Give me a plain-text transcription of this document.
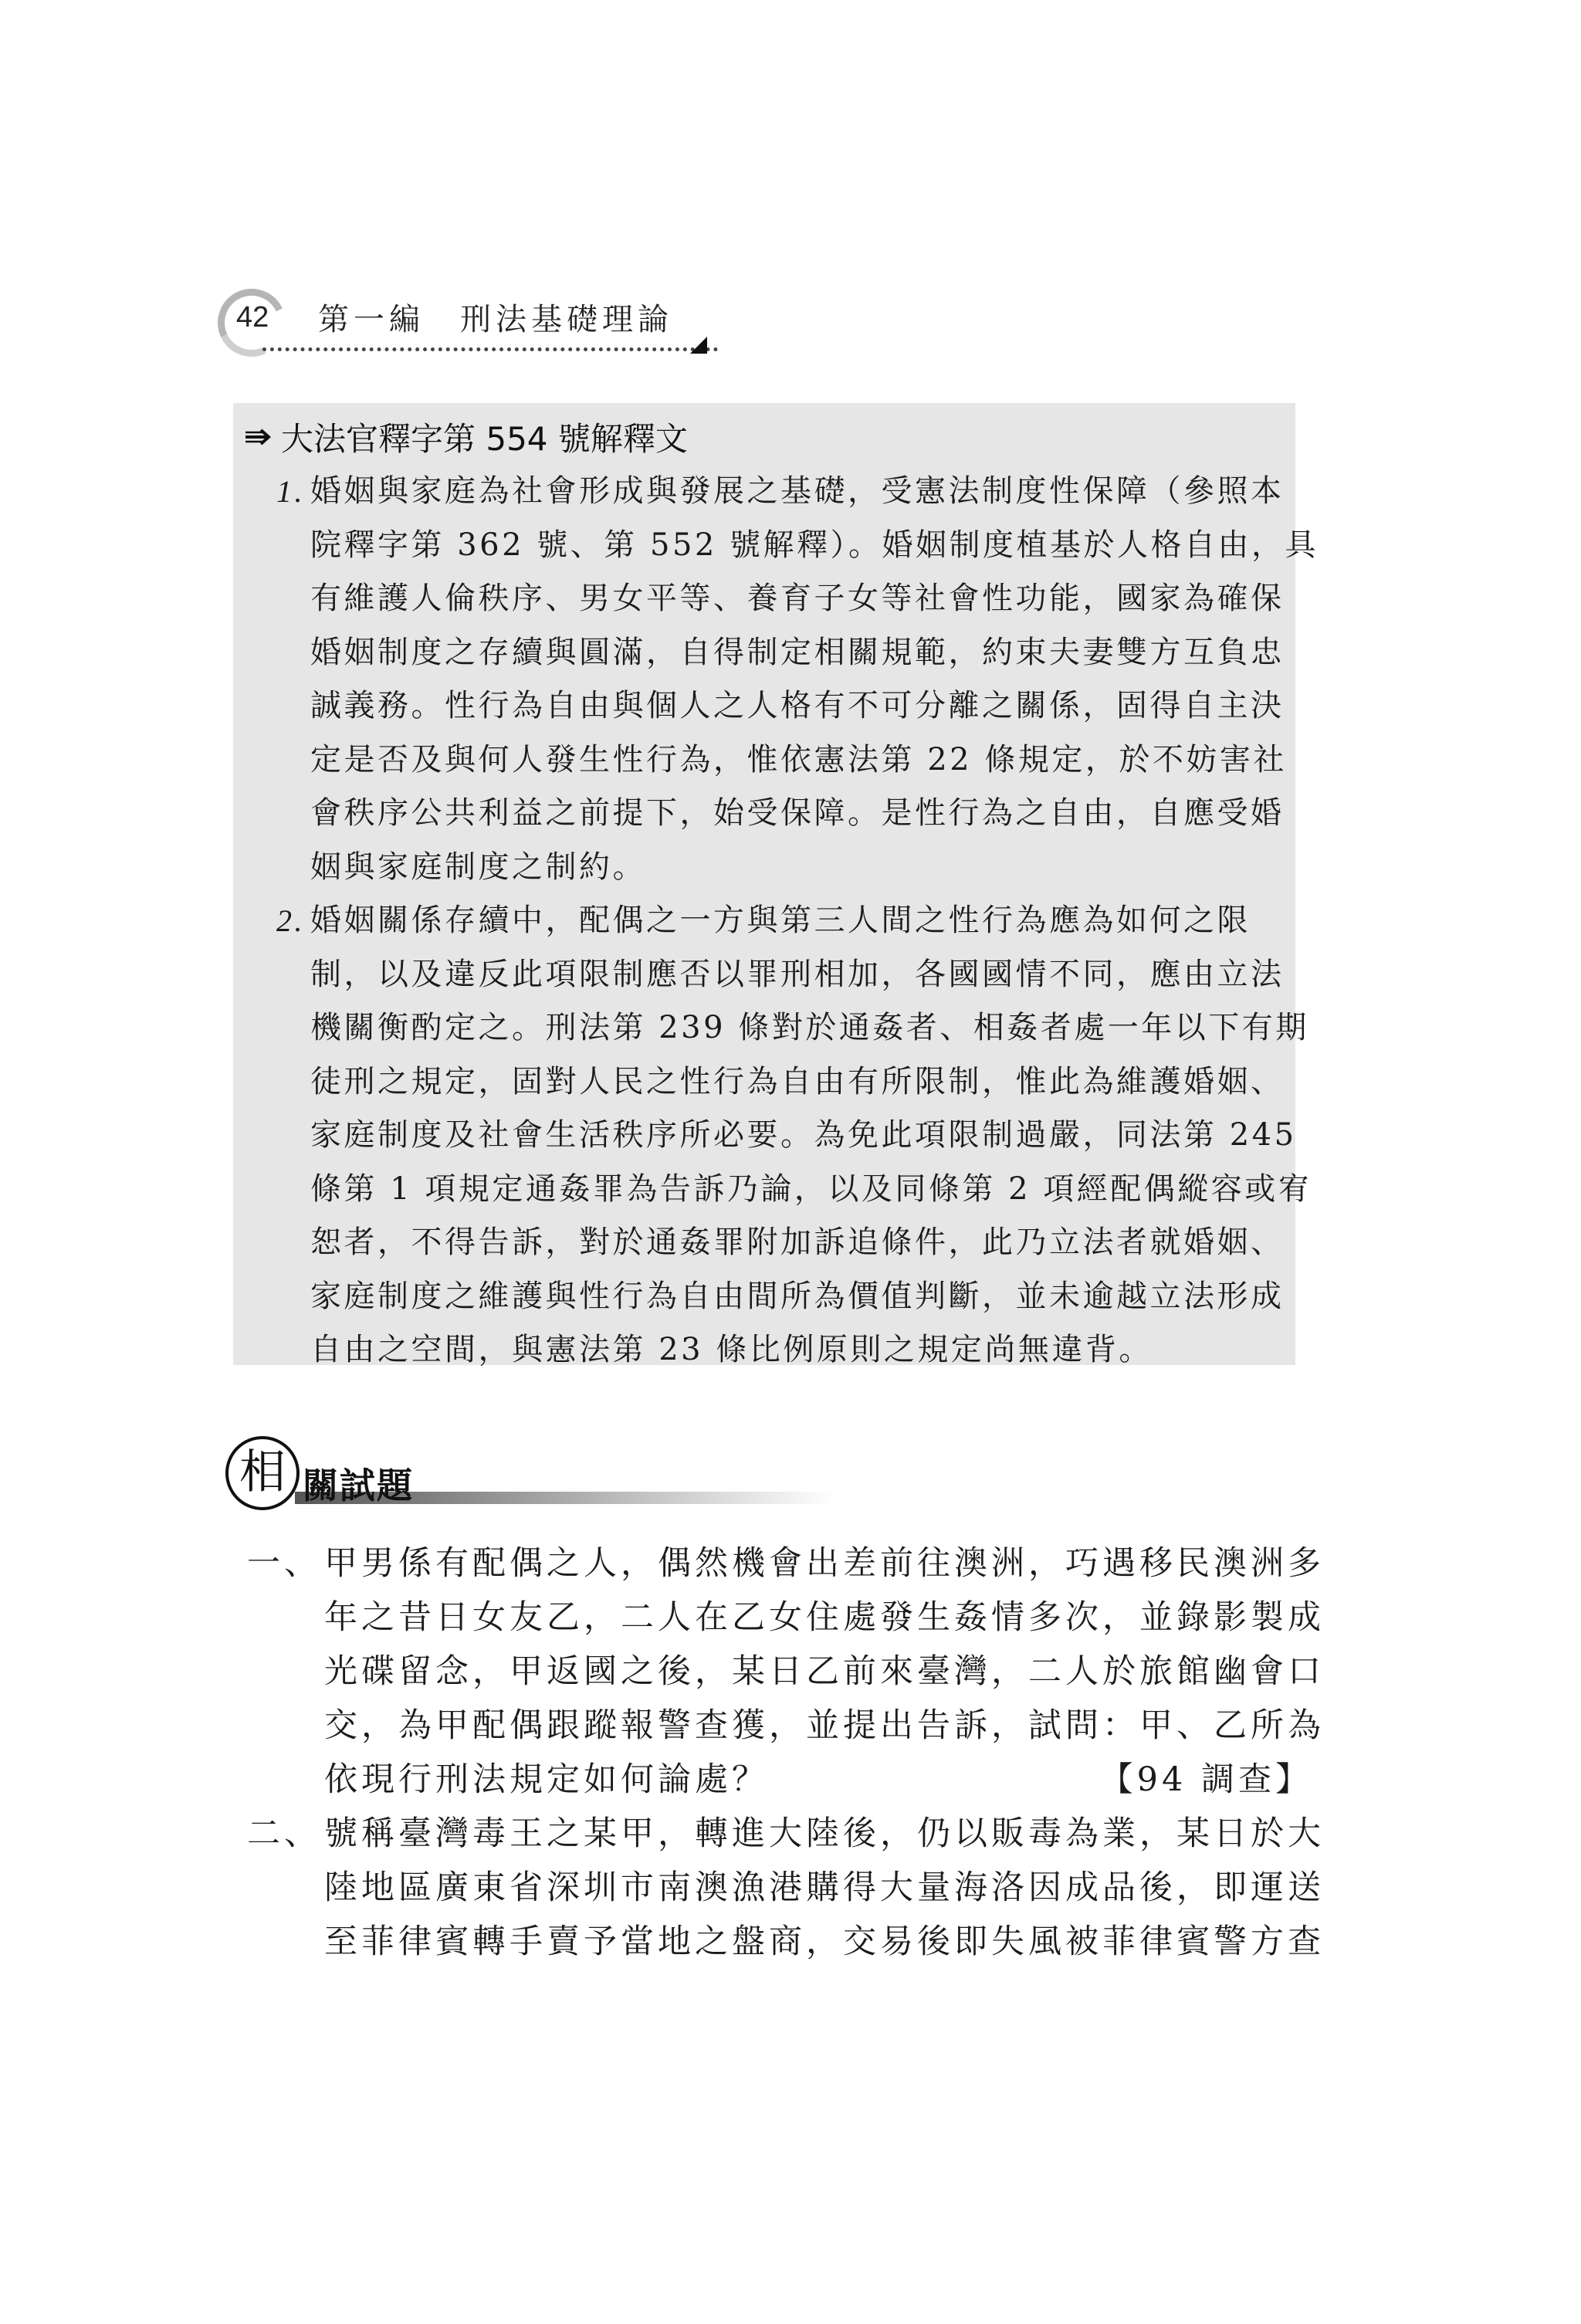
42 第一編　刑法基礎理論
大法官釋字第 554 號解釋文
1. 婚姻與家庭為社會形成與發展之基礎，受憲法制度性保障（參照本
院釋字第 362 號、第 552 號解釋）。婚姻制度植基於人格自由，具
有維護人倫秩序、男女平等、養育子女等社會性功能，國家為確保
婚姻制度之存續與圓滿，自得制定相關規範，約束夫妻雙方互負忠
誠義務。性行為自由與個人之人格有不可分離之關係，固得自主決
定是否及與何人發生性行為，惟依憲法第 22 條規定，於不妨害社
會秩序公共利益之前提下，始受保障。是性行為之自由，自應受婚
姻與家庭制度之制約。
2. 婚姻關係存續中，配偶之一方與第三人間之性行為應為如何之限
制，以及違反此項限制應否以罪刑相加，各國國情不同，應由立法
機關衡酌定之。刑法第 239 條對於通姦者、相姦者處一年以下有期
徒刑之規定，固對人民之性行為自由有所限制，惟此為維護婚姻、
家庭制度及社會生活秩序所必要。為免此項限制過嚴，同法第 245
條第 1 項規定通姦罪為告訴乃論，以及同條第 2 項經配偶縱容或宥
恕者，不得告訴，對於通姦罪附加訴追條件，此乃立法者就婚姻、
家庭制度之維護與性行為自由間所為價值判斷，並未逾越立法形成
自由之空間，與憲法第 23 條比例原則之規定尚無違背。
相 關試題
一、 甲男係有配偶之人，偶然機會出差前往澳洲，巧遇移民澳洲多
年之昔日女友乙，二人在乙女住處發生姦情多次，並錄影製成
光碟留念，甲返國之後，某日乙前來臺灣，二人於旅館幽會口
交，為甲配偶跟蹤報警查獲，並提出告訴，試問：甲、乙所為
依現行刑法規定如何論處？	【94 調查】
二、 號稱臺灣毒王之某甲，轉進大陸後，仍以販毒為業，某日於大
陸地區廣東省深圳市南澳漁港購得大量海洛因成品後，即運送
至菲律賓轉手賣予當地之盤商，交易後即失風被菲律賓警方查
